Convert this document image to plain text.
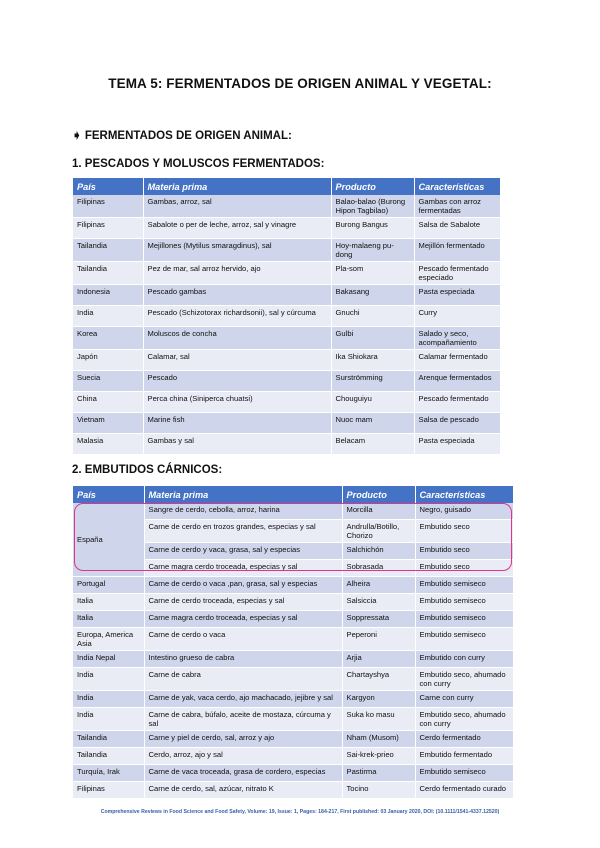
TEMA 5: FERMENTADOS DE ORIGEN ANIMAL Y VEGETAL:
➧ FERMENTADOS DE ORIGEN ANIMAL:
1. PESCADOS Y MOLUSCOS FERMENTADOS:
País	Materia prima	Producto	Características
Filipinas	Gambas, arroz, sal	Balao-balao (Burong Hipon Tagbilao)	Gambas con arroz fermentadas
Filipinas	Sabalote o per de leche, arroz, sal y vinagre	Burong Bangus	Salsa de Sabalote
Tailandia	Mejillones (Mytilus smaragdinus), sal	Hoy-malaeng pu-dong	Mejillón fermentado
Tailandia	Pez de mar, sal arroz hervido, ajo	Pla-som	Pescado fermentado especiado
Indonesia	Pescado gambas	Bakasang	Pasta especiada
India	Pescado (Schizotorax richardsonii), sal y cúrcuma	Gnuchi	Curry
Korea	Moluscos de concha	Gulbi	Salado y seco, acompañamiento
Japón	Calamar, sal	Ika Shiokara	Calamar fermentado
Suecia	Pescado	Surströmming	Arenque fermentados
China	Perca china (Siniperca chuatsi)	Chouguiyu	Pescado fermentado
Vietnam	Marine fish	Nuoc mam	Salsa de pescado
Malasia	Gambas y sal	Belacam	Pasta especiada
2. EMBUTIDOS CÁRNICOS:
País	Materia prima	Producto	Características
España	Sangre de cerdo, cebolla, arroz, harina	Morcilla	Negro, guisado
	Carne de cerdo en trozos grandes, especias y sal	Andrulla/Botillo, Chorizo	Embutido seco
	Carne de cerdo y vaca, grasa, sal y especias	Salchichón	Embutido seco
	Carne magra cerdo troceada, especias y sal	Sobrasada	Embutido seco
Portugal	Carne de cerdo o vaca ,pan, grasa, sal y especias	Alheira	Embutido semiseco
Italia	Carne de cerdo troceada, especias y sal	Salsiccia	Embutido semiseco
Italia	Carne magra cerdo troceada, especias y sal	Soppressata	Embutido semiseco
Europa, America Asia	Carne de cerdo o vaca	Peperoni	Embutido semiseco
India Nepal	Intestino grueso de cabra	Arjia	Embutido con curry
India	Carne de cabra	Chartayshya	Embutido seco, ahumado con curry
India	Carne de yak, vaca cerdo, ajo machacado, jejibre y sal	Kargyon	Carne con curry
India	Carne de cabra, búfalo, aceite de mostaza, cúrcuma y sal	Suka ko masu	Embutido seco, ahumado con curry
Tailandia	Carne y piel de cerdo, sal, arroz y ajo	Nham (Musom)	Cerdo fermentado
Tailandia	Cerdo, arroz, ajo y sal	Sai-krek-prieo	Embutido fermentado
Turquía, Irak	Carne de vaca troceada, grasa de cordero, especias	Pastirma	Embutido semiseco
Filipinas	Carne de cerdo, sal, azúcar, nitrato K	Tocino	Cerdo fermentado curado
Comprehensive Reviews in Food Science and Food Safety, Volume: 19, Issue: 1, Pages: 184-217, First published: 03 January 2020, DOI: (10.1111/1541-4337.12520)
